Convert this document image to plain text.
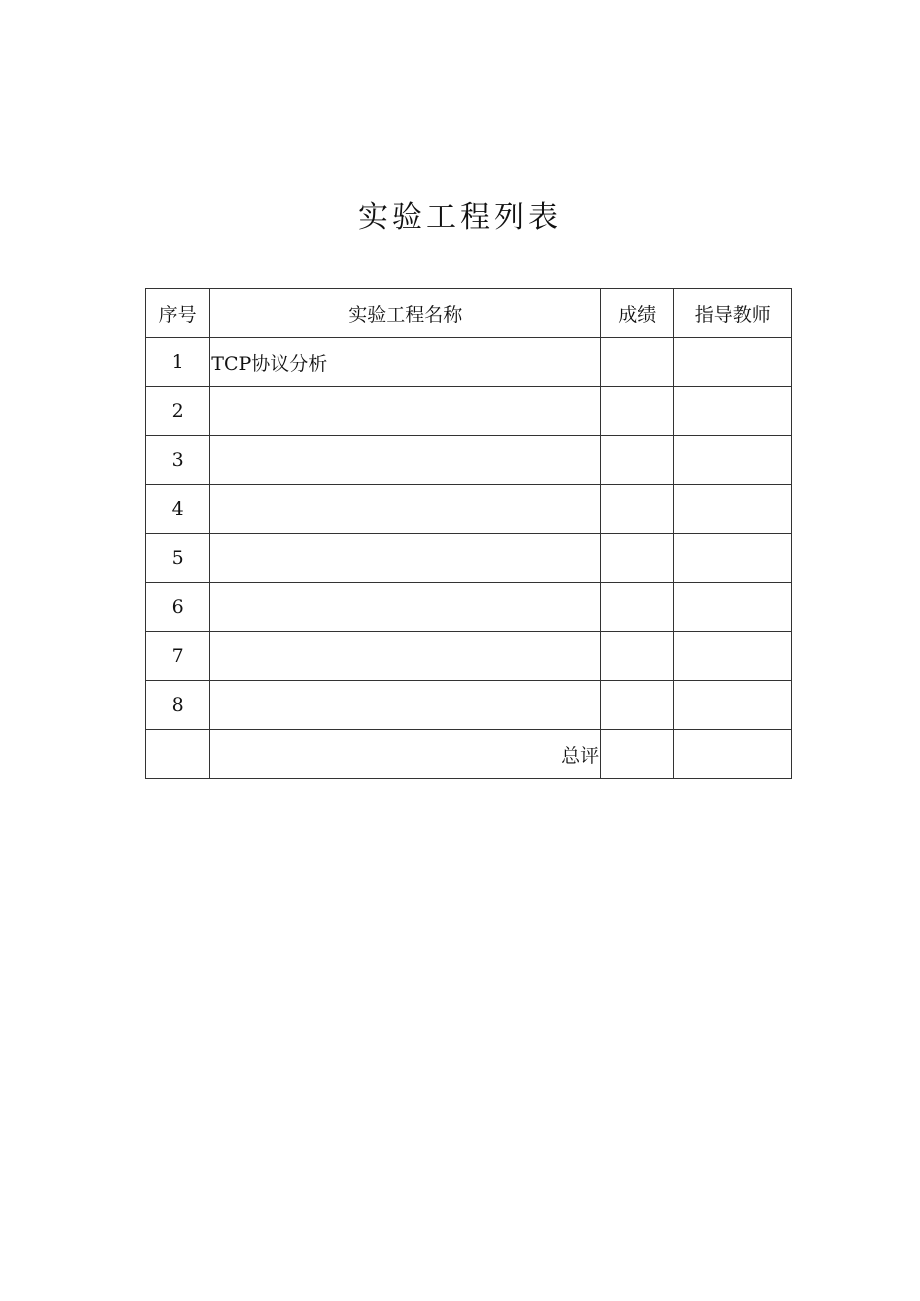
实验工程列表
序号	实验工程名称	成绩	指导教师
1	TCP协议分析		
2			
3			
4			
5			
6			
7			
8			
	总评		
